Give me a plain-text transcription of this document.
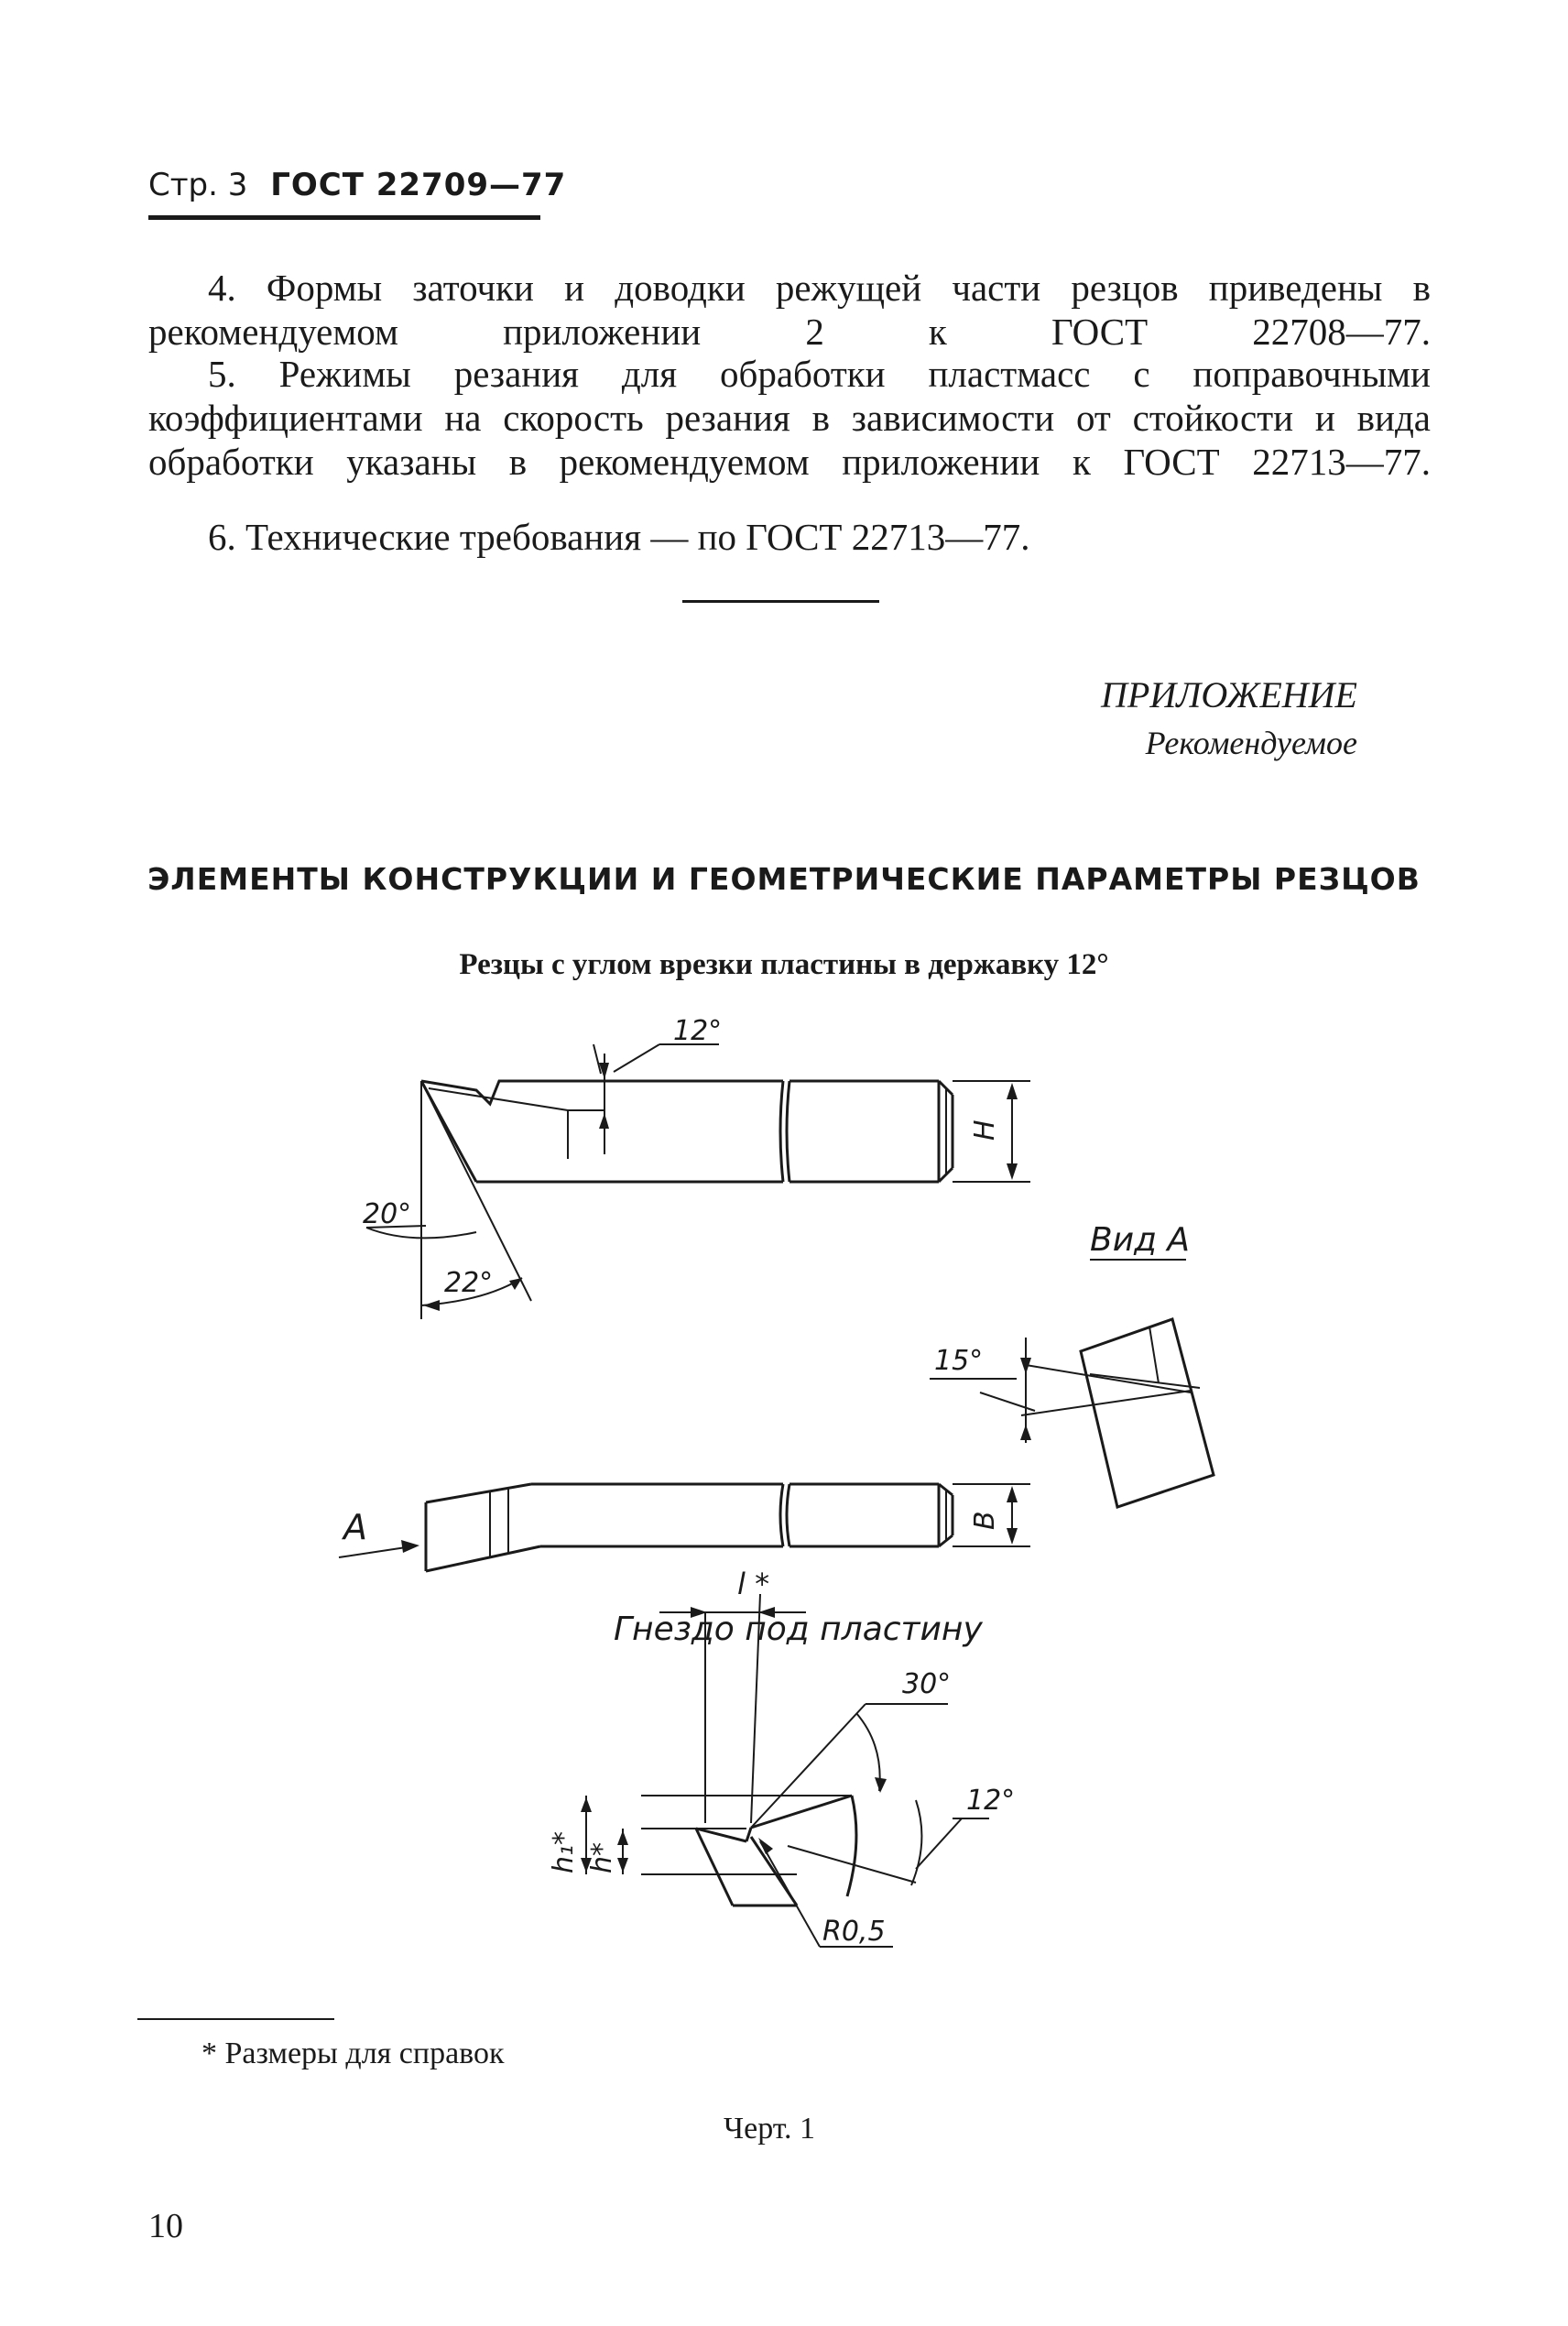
Стр. 3 ГОСТ 22709—77
4. Формы заточки и доводки режущей части резцов приведены в рекомендуемом приложении 2 к ГОСТ 22708—77.
5. Режимы резания для обработки пластмасс с поправочными коэффициентами на скорость резания в зависимости от стойкости и вида обработки указаны в рекомендуемом приложении к ГОСТ 22713—77.
6. Технические требования — по ГОСТ 22713—77.
ПРИЛОЖЕНИЕ
Рекомендуемое
ЭЛЕМЕНТЫ КОНСТРУКЦИИ И ГЕОМЕТРИЧЕСКИЕ ПАРАМЕТРЫ РЕЗЦОВ
Резцы с углом врезки пластины в державку 12°
12°
20°
22°
H
Вид А
15°
А	B
Гнездо под пластину
l *
30°
12°
h₁* h*
R0,5
* Размеры для справок
Черт. 1
10
